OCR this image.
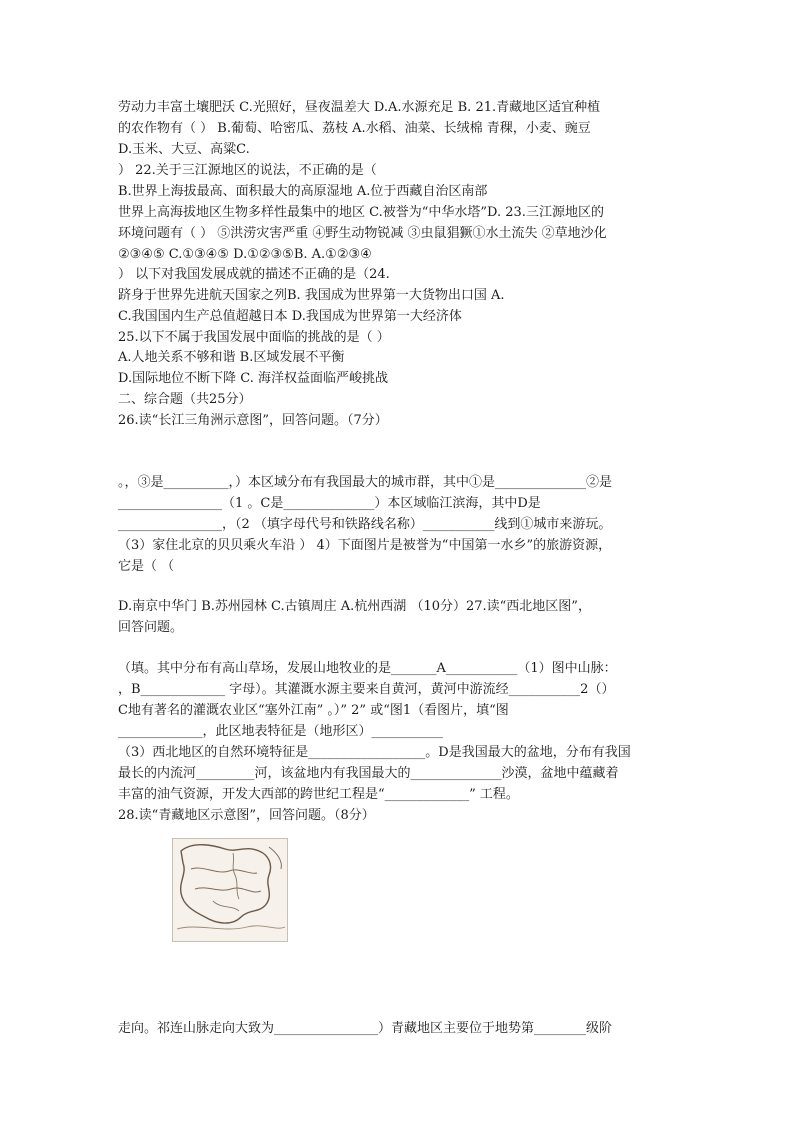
劳动力丰富土壤肥沃 C.光照好，昼夜温差大 D.A.水源充足 B. 21.青藏地区适宜种植
的农作物有（ ） B.葡萄、哈密瓜、荔枝 A.水稻、油菜、长绒棉 青稞，小麦、豌豆
D.玉米、大豆、高粱C.
） 22.关于三江源地区的说法，不正确的是（
B.世界上海拔最高、面积最大的高原湿地 A.位于西藏自治区南部
世界上高海拔地区生物多样性最集中的地区 C.被誉为“中华水塔”D. 23.三江源地区的
环境问题有（ ） ⑤洪涝灾害严重 ④野生动物锐减 ③虫鼠猖獗①水土流失 ②草地沙化
②③④⑤ C.①③④⑤ D.①②③⑤B. A.①②③④
） 以下对我国发展成就的描述不正确的是（24.
跻身于世界先进航天国家之列B. 我国成为世界第一大货物出口国 A.
C.我国国内生产总值超越日本 D.我国成为世界第一大经济体
25.以下不属于我国发展中面临的挑战的是（ ）
A.人地关系不够和谐 B.区域发展不平衡
D.国际地位不断下降 C. 海洋权益面临严峻挑战
二、综合题（共25分）
26.读“长江三角洲示意图”，回答问题。（7分）
。，③是__________，）本区域分布有我国最大的城市群，其中①是______________②是
________________（1 。C是______________）本区域临江滨海，其中D是
________________，（2 （填字母代号和铁路线名称）___________线到①城市来游玩。
（3）家住北京的贝贝乘火车沿 ） 4）下面图片是被誉为“中国第一水乡”的旅游资源，
它是（ （
D.南京中华门 B.苏州园林 C.古镇周庄 A.杭州西湖 （10分）27.读“西北地区图”，
回答问题。
（填。其中分布有高山草场，发展山地牧业的是_______A___________（1）图中山脉：
，B_____________ 字母）。其灌溉水源主要来自黄河，黄河中游流经___________2（）
C地有著名的灌溉农业区“塞外江南” 。）” 2” 或“图1（看图片，填“图
_____________，此区地表特征是（地形区）___________
（3）西北地区的自然环境特征是__________________。D是我国最大的盆地，分布有我国
最长的内流河_________河，该盆地内有我国最大的______________沙漠，盆地中蕴藏着
丰富的油气资源，开发大西部的跨世纪工程是“_____________” 工程。
28.读“青藏地区示意图”，回答问题。（8分）
走向。祁连山脉走向大致为________________）青藏地区主要位于地势第________级阶
